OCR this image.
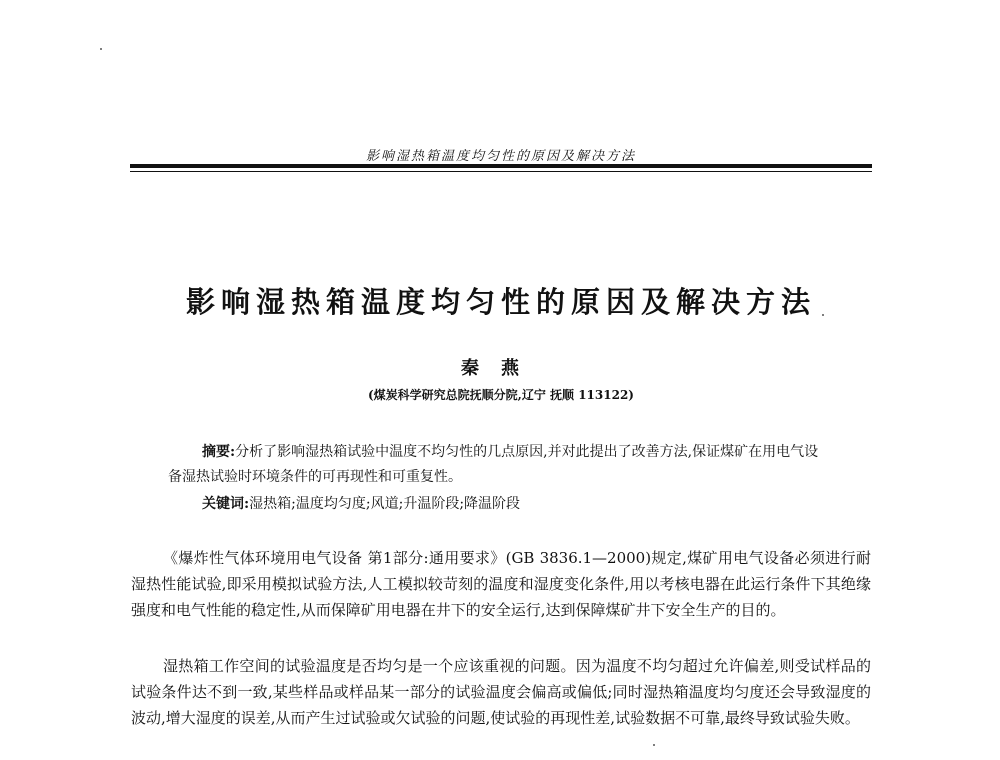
影响湿热箱温度均匀性的原因及解决方法
影响湿热箱温度均匀性的原因及解决方法
秦燕
(煤炭科学研究总院抚顺分院,辽宁 抚顺 113122)
摘要:分析了影响湿热箱试验中温度不均匀性的几点原因,并对此提出了改善方法,保证煤矿在用电气设备湿热试验时环境条件的可再现性和可重复性。
关键词:湿热箱;温度均匀度;风道;升温阶段;降温阶段
《爆炸性气体环境用电气设备 第1部分:通用要求》(GB 3836.1—2000)规定,煤矿用电气设备必须进行耐湿热性能试验,即采用模拟试验方法,人工模拟较苛刻的温度和湿度变化条件,用以考核电器在此运行条件下其绝缘强度和电气性能的稳定性,从而保障矿用电器在井下的安全运行,达到保障煤矿井下安全生产的目的。
湿热箱工作空间的试验温度是否均匀是一个应该重视的问题。因为温度不均匀超过允许偏差,则受试样品的试验条件达不到一致,某些样品或样品某一部分的试验温度会偏高或偏低;同时湿热箱温度均匀度还会导致湿度的波动,增大湿度的误差,从而产生过试验或欠试验的问题,使试验的再现性差,试验数据不可靠,最终导致试验失败。
